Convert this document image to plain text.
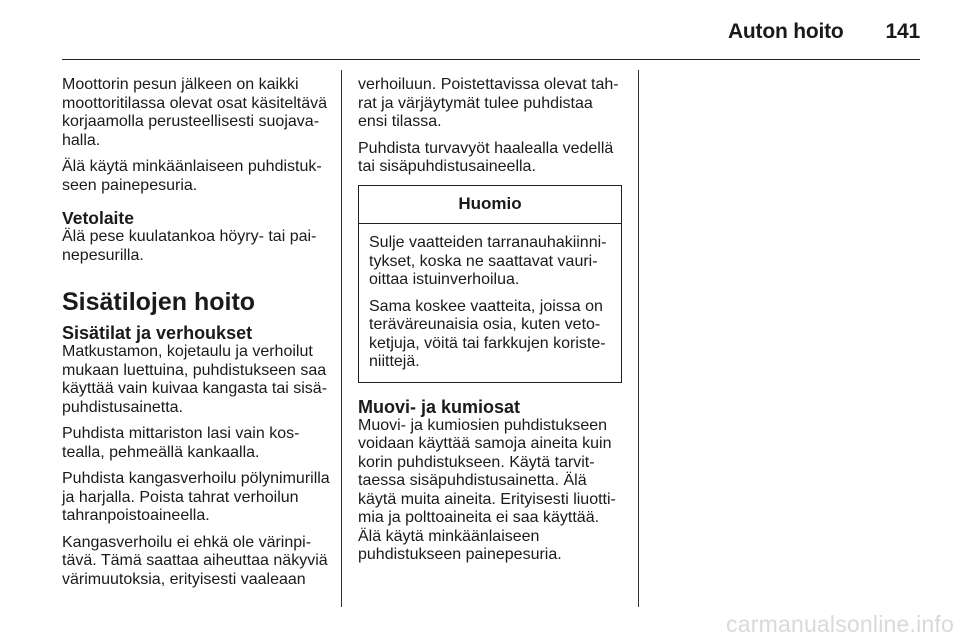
Auton hoito 141

Moottorin pesun jälkeen on kaikki moottoritilassa olevat osat käsiteltävä korjaamolla perusteellisesti suojavahalla.

Älä käytä minkäänlaiseen puhdistukseen painepesuria.

Vetolaite

Älä pese kuulatankoa höyry- tai painepesurilla.

Sisätilojen hoito
Sisätilat ja verhoukset

Matkustamon, kojetaulu ja verhoilut mukaan luettuina, puhdistukseen saa käyttää vain kuivaa kangasta tai sisäpuhdistusainetta.

Puhdista mittariston lasi vain kostealla, pehmeällä kankaalla.

Puhdista kangasverhoilu pölynimurilla ja harjalla. Poista tahrat verhoilun tahranpoistoaineella.

Kangasverhoilu ei ehkä ole värinpitävä. Tämä saattaa aiheuttaa näkyviä värimuutoksia, erityisesti vaaleaan

verhoiluun. Poistettavissa olevat tahrat ja värjäytymät tulee puhdistaa ensi tilassa.

Puhdista turvavyöt haalealla vedellä tai sisäpuhdistusaineella.

Huomio

Sulje vaatteiden tarranauhakiinnitykset, koska ne saattavat vaurioittaa istuinverhoilua.

Sama koskee vaatteita, joissa on teräväreunaisia osia, kuten vetoketjuja, vöitä tai farkkujen koristeniittejä.

Muovi- ja kumiosat

Muovi- ja kumiosien puhdistukseen voidaan käyttää samoja aineita kuin korin puhdistukseen. Käytä tarvittaessa sisäpuhdistusainetta. Älä käytä muita aineita. Erityisesti liuottimia ja polttoaineita ei saa käyttää. Älä käytä minkäänlaiseen puhdistukseen painepesuria.

carmanualsonline.info
